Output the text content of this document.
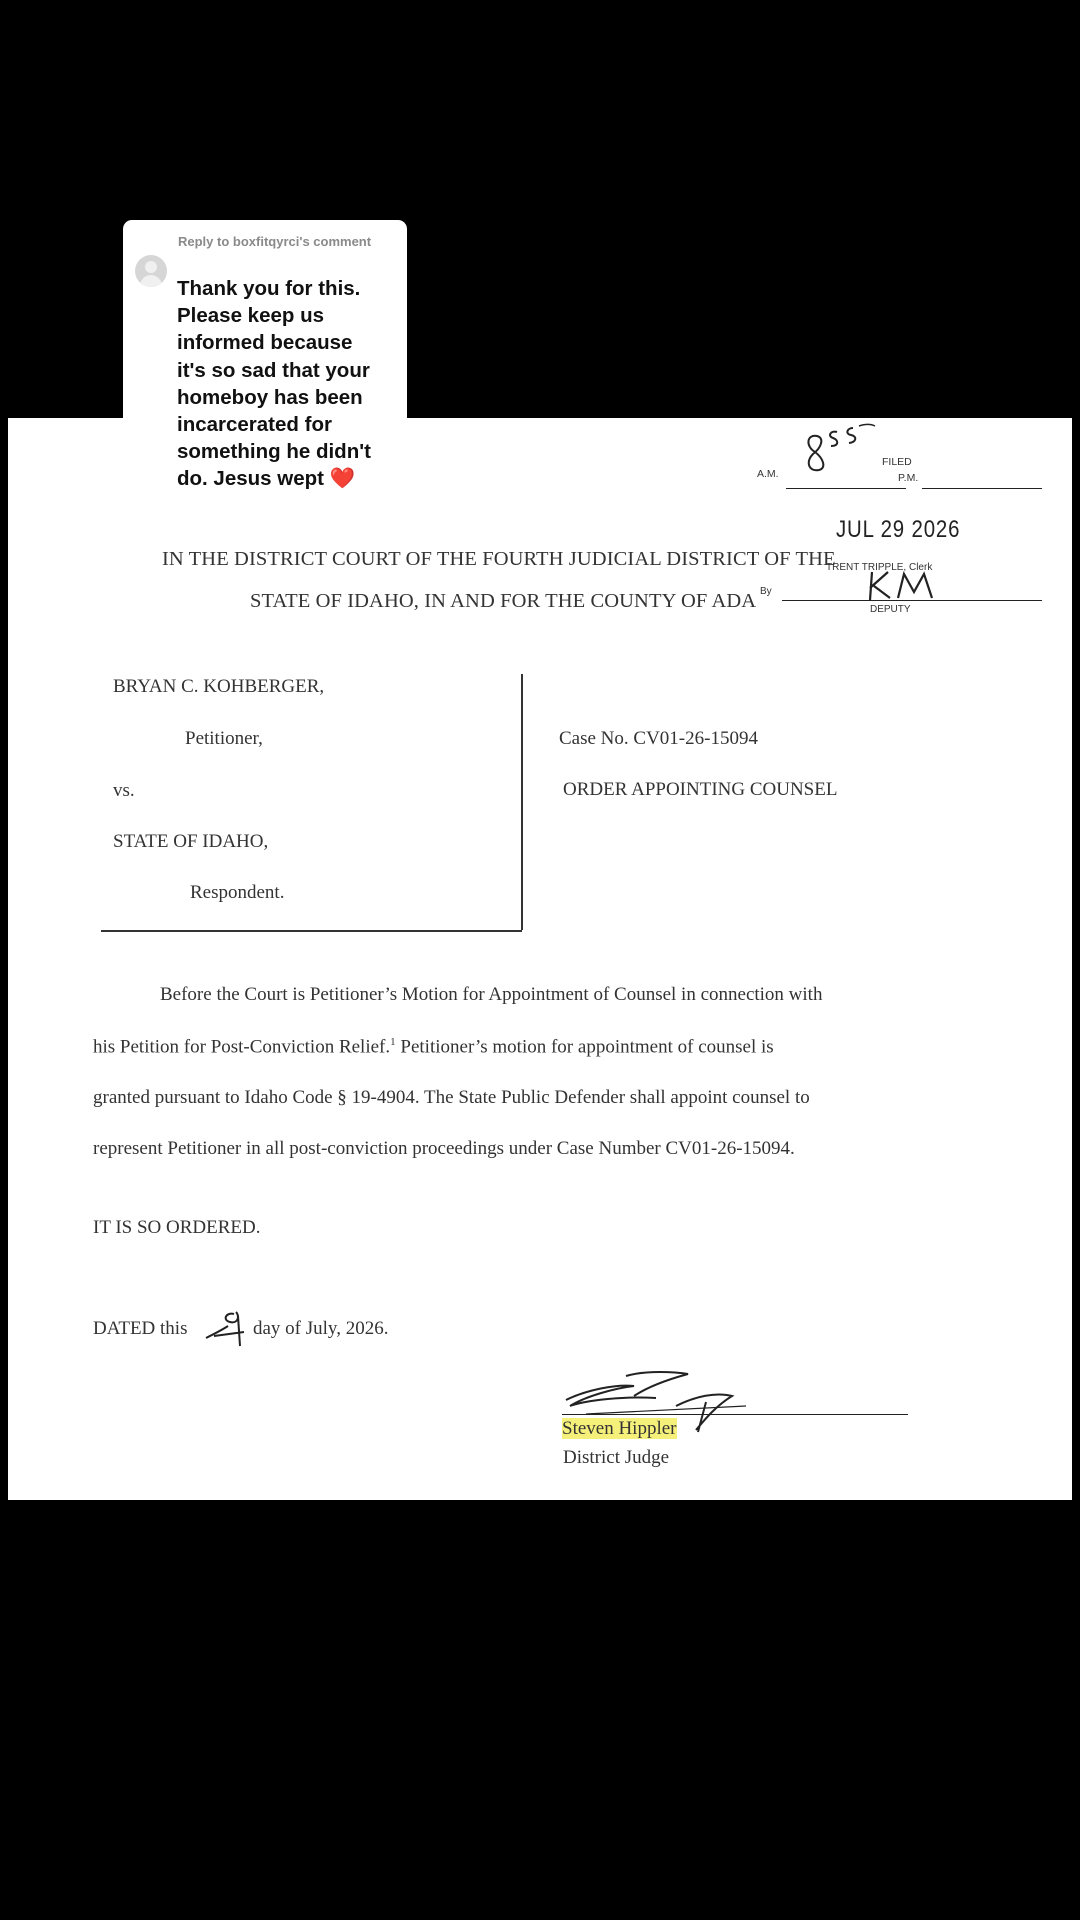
Reply to boxfitqyrci's comment
Thank you for this.
Please keep us
informed because
it's so sad that your
homeboy has been
incarcerated for
something he didn't
do. Jesus wept ❤️	A.M.
FILED
P.M.
JUL 29 2026
IN THE DISTRICT COURT OF THE FOURTH JUDICIAL DISTRICT OF THE
TRENT TRIPPLE, Clerk
STATE OF IDAHO, IN AND FOR THE COUNTY OF ADA By
DEPUTY
BRYAN C. KOHBERGER,
Petitioner,
vs.
STATE OF IDAHO,
Respondent.
Case No. CV01-26-15094
ORDER APPOINTING COUNSEL
Before the Court is Petitioner’s Motion for Appointment of Counsel in connection with
his Petition for Post-Conviction Relief.$^1$ Petitioner’s motion for appointment of counsel is
granted pursuant to Idaho Code § 19-4904. The State Public Defender shall appoint counsel to
represent Petitioner in all post-conviction proceedings under Case Number CV01-26-15094.
IT IS SO ORDERED.
DATED this	day of July, 2026.
Steven Hippler
District Judge
